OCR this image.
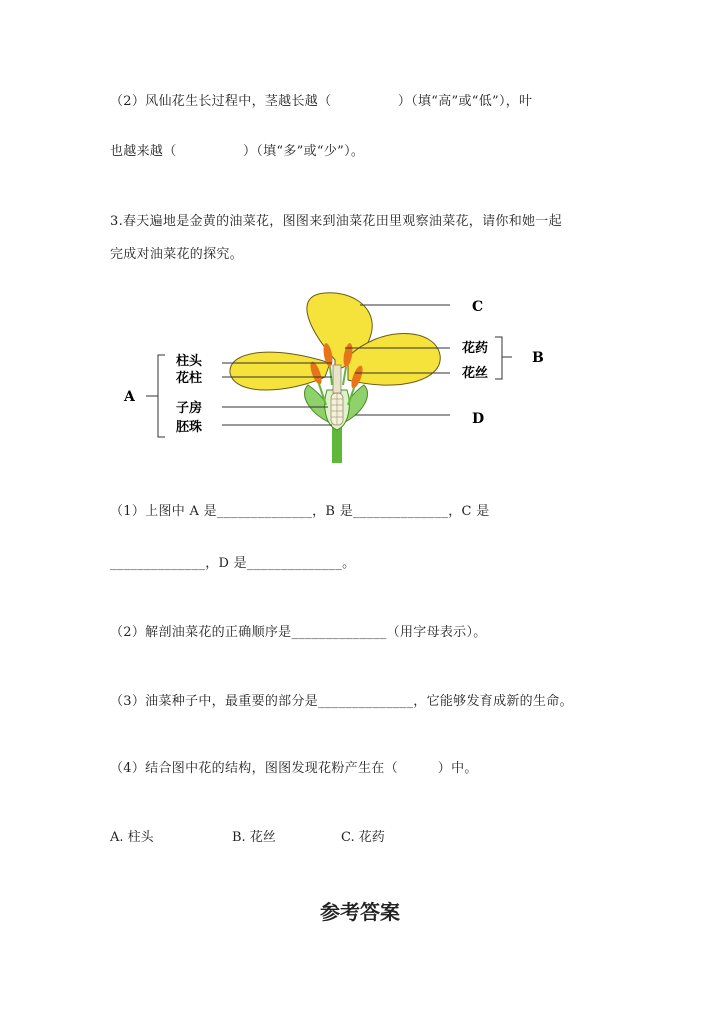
（2）风仙花生长过程中，茎越长越（　　　　　）（填“高”或“低”），叶
也越来越（　　　　　）（填“多”或“少”）。
3.春天遍地是金黄的油菜花，图图来到油菜花田里观察油菜花，请你和她一起
完成对油菜花的探究。
C
花药
花丝
B
D
柱头
花柱
子房
胚珠
A
（1）上图中 A 是______________，B 是______________，C 是
______________，D 是______________。
（2）解剖油菜花的正确顺序是______________（用字母表示）。
（3）油菜种子中，最重要的部分是______________，它能够发育成新的生命。
（4）结合图中花的结构，图图发现花粉产生在（　　　）中。
A. 柱头	B. 花丝	C. 花药
参考答案
